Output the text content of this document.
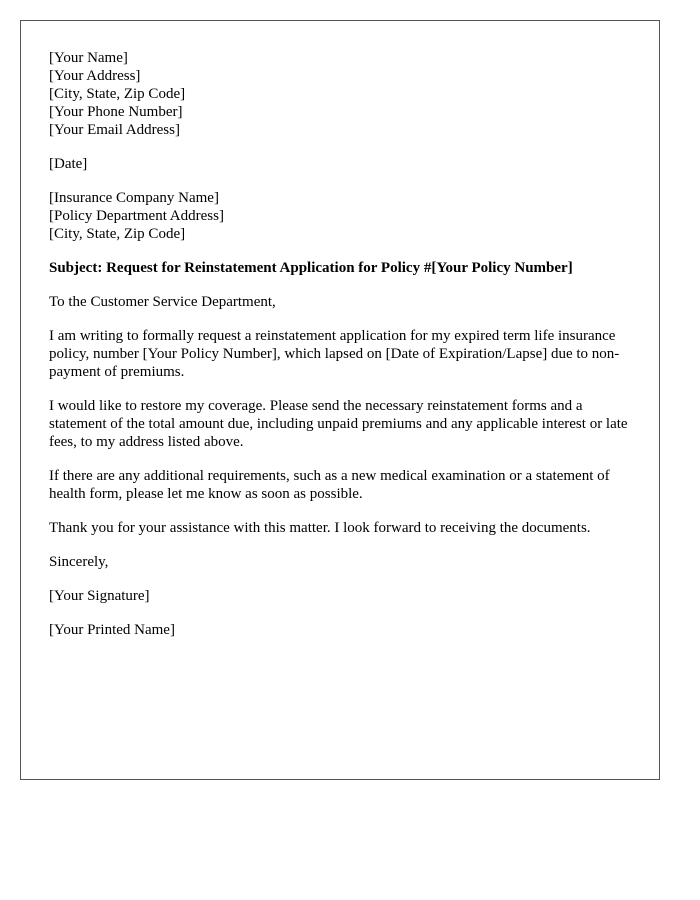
[Your Name]
[Your Address]
[City, State, Zip Code]
[Your Phone Number]
[Your Email Address]
[Date]
[Insurance Company Name]
[Policy Department Address]
[City, State, Zip Code]
Subject: Request for Reinstatement Application for Policy #[Your Policy Number]
To the Customer Service Department,
I am writing to formally request a reinstatement application for my expired term life insurance policy, number [Your Policy Number], which lapsed on [Date of Expiration/Lapse] due to non-payment of premiums.
I would like to restore my coverage. Please send the necessary reinstatement forms and a statement of the total amount due, including unpaid premiums and any applicable interest or late fees, to my address listed above.
If there are any additional requirements, such as a new medical examination or a statement of health form, please let me know as soon as possible.
Thank you for your assistance with this matter. I look forward to receiving the documents.
Sincerely,
[Your Signature]
[Your Printed Name]
